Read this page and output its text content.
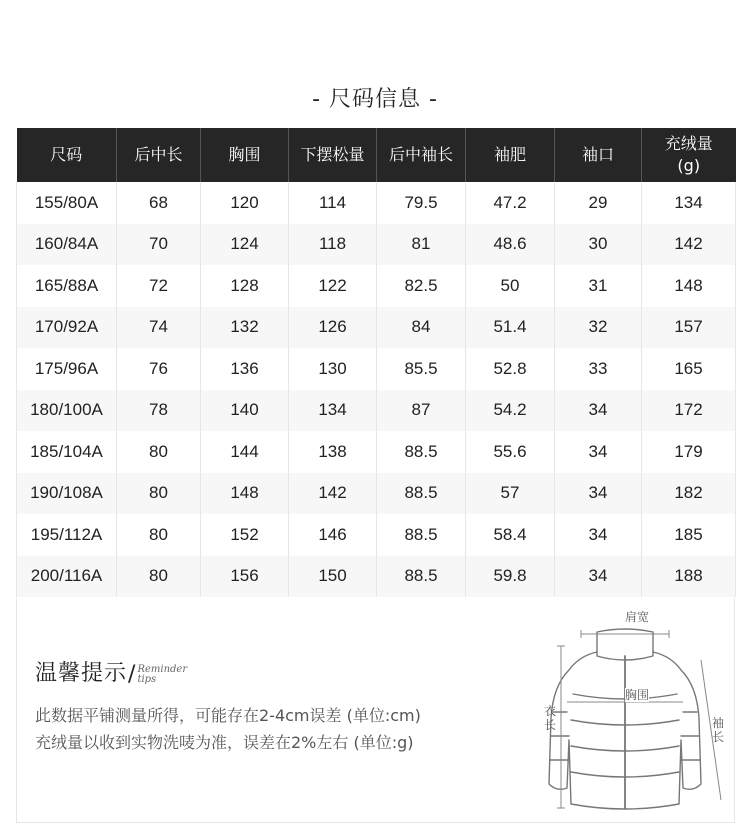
- 尺码信息 -
尺码	后中长	胸围	下摆松量	后中袖长	袖肥	袖口	充绒量
(g)
155/80A	68	120	114	79.5	47.2	29	134
160/84A	70	124	118	81	48.6	30	142
165/88A	72	128	122	82.5	50	31	148
170/92A	74	132	126	84	51.4	32	157
175/96A	76	136	130	85.5	52.8	33	165
180/100A	78	140	134	87	54.2	34	172
185/104A	80	144	138	88.5	55.6	34	179
190/108A	80	148	142	88.5	57	34	182
195/112A	80	152	146	88.5	58.4	34	185
200/116A	80	156	150	88.5	59.8	34	188
温馨提示 / Reminder
tips
此数据平铺测量所得，可能存在2-4cm误差 (单位:cm)
充绒量以收到实物洗唛为准，误差在2%左右 (单位:g)
肩宽
胸围
衣长	袖长
